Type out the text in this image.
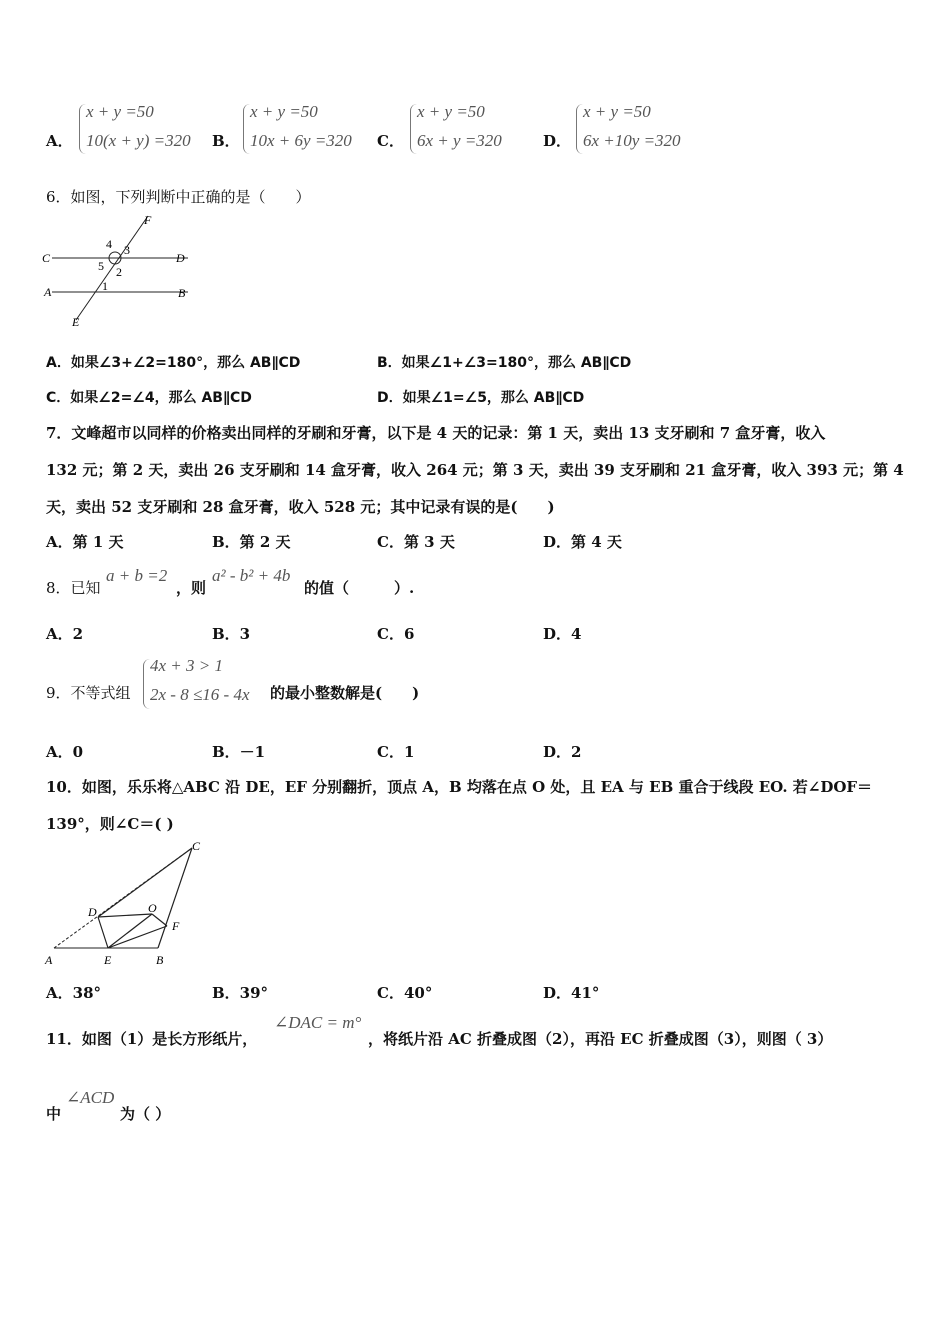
A．
x + y =50
10(x + y) =320 B．
x + y =50
10x + 6y =320 C．
x + y =50
6x + y =320	D．
x + y =50
6x +10y =320
6．如图，下列判断中正确的是（　　）
F
C	D
A	B
E
4 3
5 2
1
A．如果∠3+∠2=180°，那么 AB∥CD	B．如果∠1+∠3=180°，那么 AB∥CD
C．如果∠2=∠4，那么 AB∥CD	D．如果∠1=∠5，那么 AB∥CD
7．文峰超市以同样的价格卖出同样的牙刷和牙膏，以下是 4 天的记录：第 1 天，卖出 13 支牙刷和 7 盒牙膏，收入
132 元；第 2 天，卖出 26 支牙刷和 14 盒牙膏，收入 264 元；第 3 天，卖出 39 支牙刷和 21 盒牙膏，收入 393 元；第 4
天，卖出 52 支牙刷和 28 盒牙膏，收入 528 元；其中记录有误的是(　　)
A．第 1 天	B．第 2 天	C．第 3 天	D．第 4 天
8．已知
a + b =2
，则
a² - b² + 4b
的值（　　　）.
A．2	B．3	C．6	D．4
9．不等式组
4x + 3 > 1
2x - 8 ≤16 - 4x 的最小整数解是(　　)
A．0	B．－1	C．1	D．2
10．如图，乐乐将△ABC 沿 DE，EF 分别翻折，顶点 A，B 均落在点 O 处，且 EA 与 EB 重合于线段 EO. 若∠DOF＝
139°，则∠C＝( )
C
D	O
F
A	E	B
A．38°	B．39°	C．40°	D．41°
11．如图（1）是长方形纸片，
∠DAC = m°
，将纸片沿 AC 折叠成图（2），再沿 EC 折叠成图（3），则图（ 3）
中
∠ACD
为（ ）
